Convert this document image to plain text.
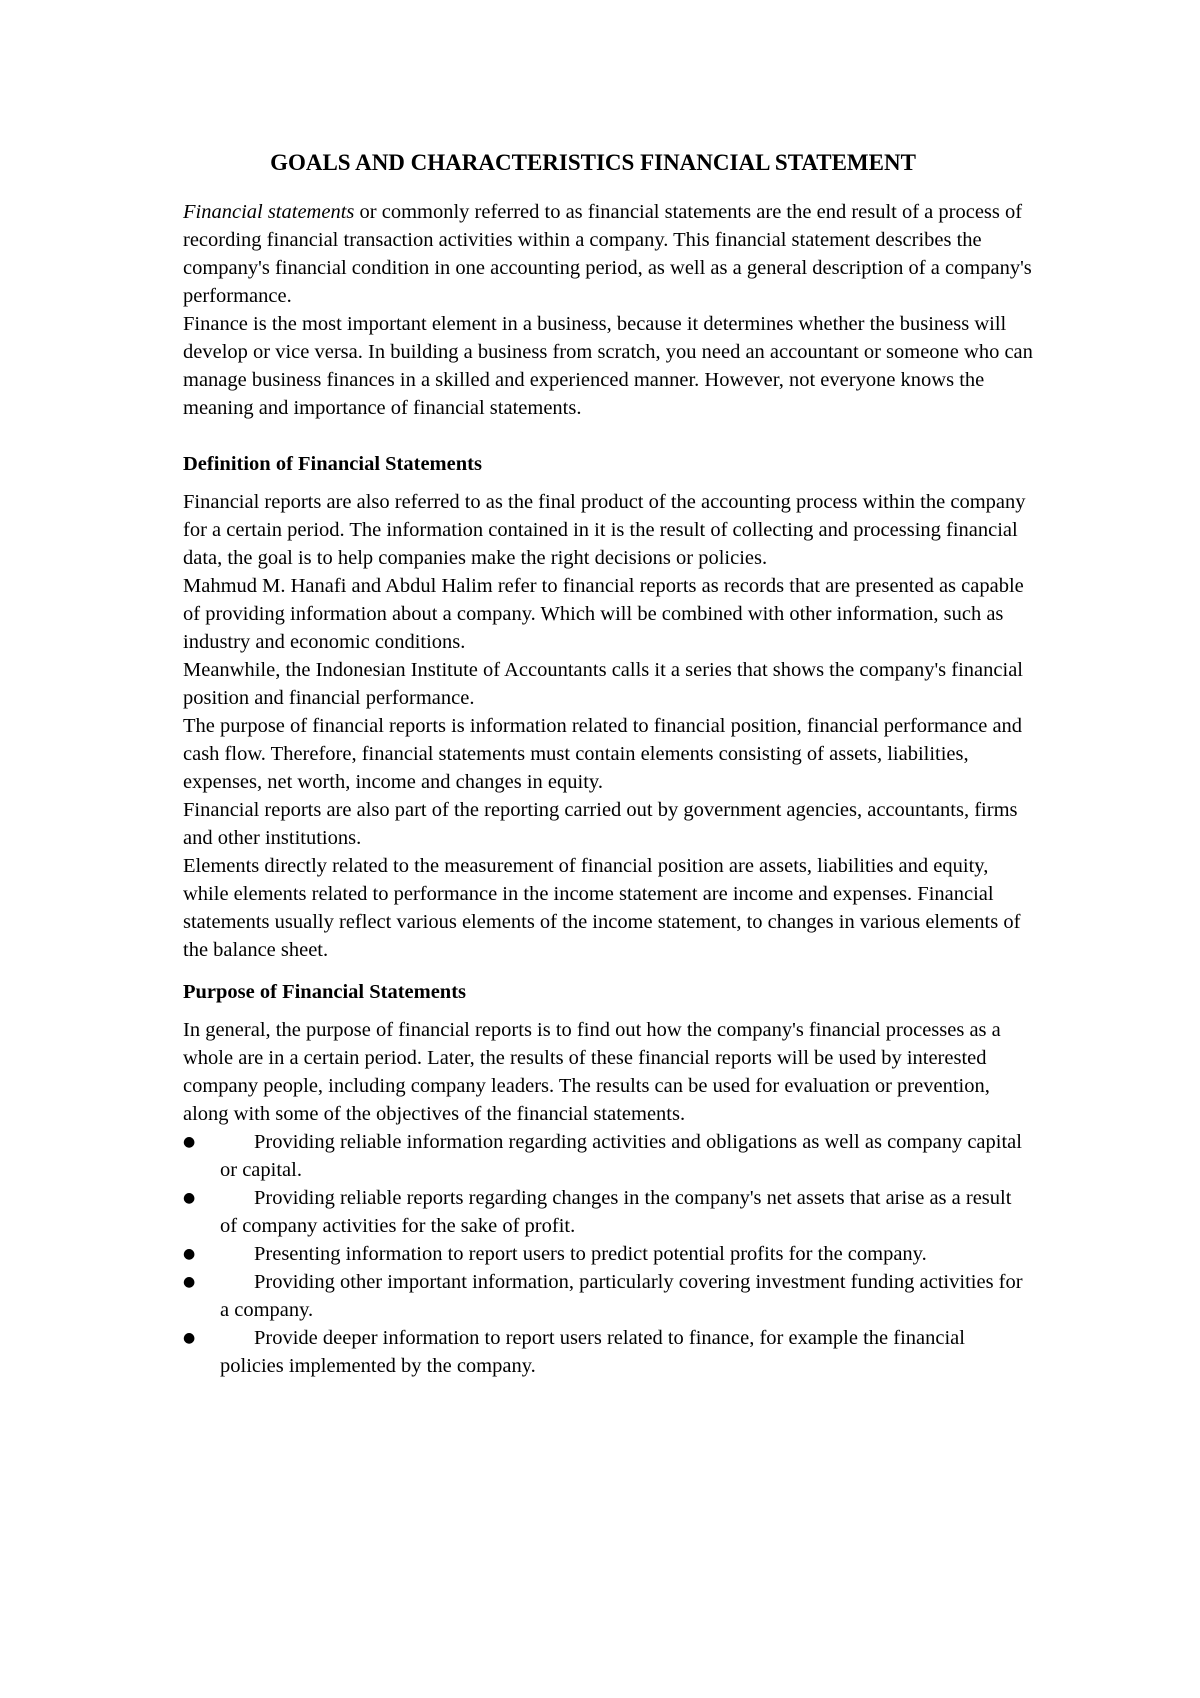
GOALS AND CHARACTERISTICS FINANCIAL STATEMENT

Financial statements or commonly referred to as financial statements are the end result of a process of recording financial transaction activities within a company. This financial statement describes the company's financial condition in one accounting period, as well as a general description of a company's performance.

Finance is the most important element in a business, because it determines whether the business will develop or vice versa. In building a business from scratch, you need an accountant or someone who can manage business finances in a skilled and experienced manner. However, not everyone knows the meaning and importance of financial statements.

Definition of Financial Statements

Financial reports are also referred to as the final product of the accounting process within the company for a certain period. The information contained in it is the result of collecting and processing financial data, the goal is to help companies make the right decisions or policies.

Mahmud M. Hanafi and Abdul Halim refer to financial reports as records that are presented as capable of providing information about a company. Which will be combined with other information, such as industry and economic conditions.

Meanwhile, the Indonesian Institute of Accountants calls it a series that shows the company's financial position and financial performance.

The purpose of financial reports is information related to financial position, financial performance and cash flow. Therefore, financial statements must contain elements consisting of assets, liabilities, expenses, net worth, income and changes in equity.

Financial reports are also part of the reporting carried out by government agencies, accountants, firms and other institutions.

Elements directly related to the measurement of financial position are assets, liabilities and equity, while elements related to performance in the income statement are income and expenses. Financial statements usually reflect various elements of the income statement, to changes in various elements of the balance sheet.

Purpose of Financial Statements

In general, the purpose of financial reports is to find out how the company's financial processes as a whole are in a certain period. Later, the results of these financial reports will be used by interested company people, including company leaders. The results can be used for evaluation or prevention, along with some of the objectives of the financial statements.

●	Providing reliable information regarding activities and obligations as well as company capital or capital.
●	Providing reliable reports regarding changes in the company's net assets that arise as a result of company activities for the sake of profit.
●	Presenting information to report users to predict potential profits for the company.
●	Providing other important information, particularly covering investment funding activities for a company.
●	Provide deeper information to report users related to finance, for example the financial policies implemented by the company.
